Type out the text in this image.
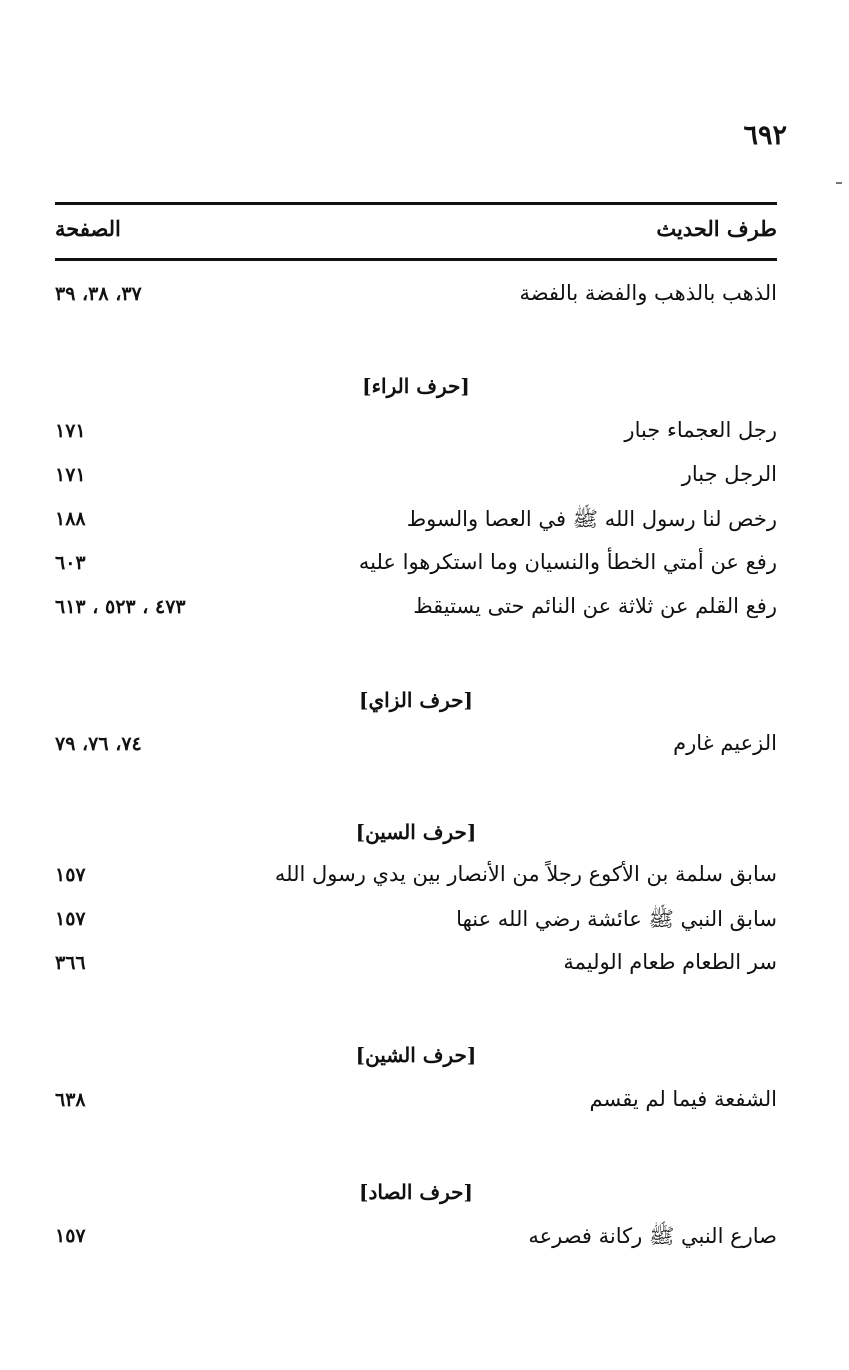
٦٩٢
طرف الحديث
الصفحة
الذهب بالذهب والفضة بالفضة
٣٧، ٣٨، ٣٩
[حرف الراء]
رجل العجماء جبار
١٧١
الرجل جبار
١٧١
رخص لنا رسول الله ﷺ في العصا والسوط
١٨٨
رفع عن أمتي الخطأ والنسيان وما استكرهوا عليه
٦٠٣
رفع القلم عن ثلاثة عن النائم حتى يستيقظ
٤٧٣ ، ٥٢٣ ، ٦١٣
[حرف الزاي]
الزعيم غارم
٧٤، ٧٦، ٧٩
[حرف السين]
سابق سلمة بن الأكوع رجلاً من الأنصار بين يدي رسول الله
١٥٧
سابق النبي ﷺ عائشة رضي الله عنها
١٥٧
سر الطعام طعام الوليمة
٣٦٦
[حرف الشين]
الشفعة فيما لم يقسم
٦٣٨
[حرف الصاد]
صارع النبي ﷺ ركانة فصرعه
١٥٧
